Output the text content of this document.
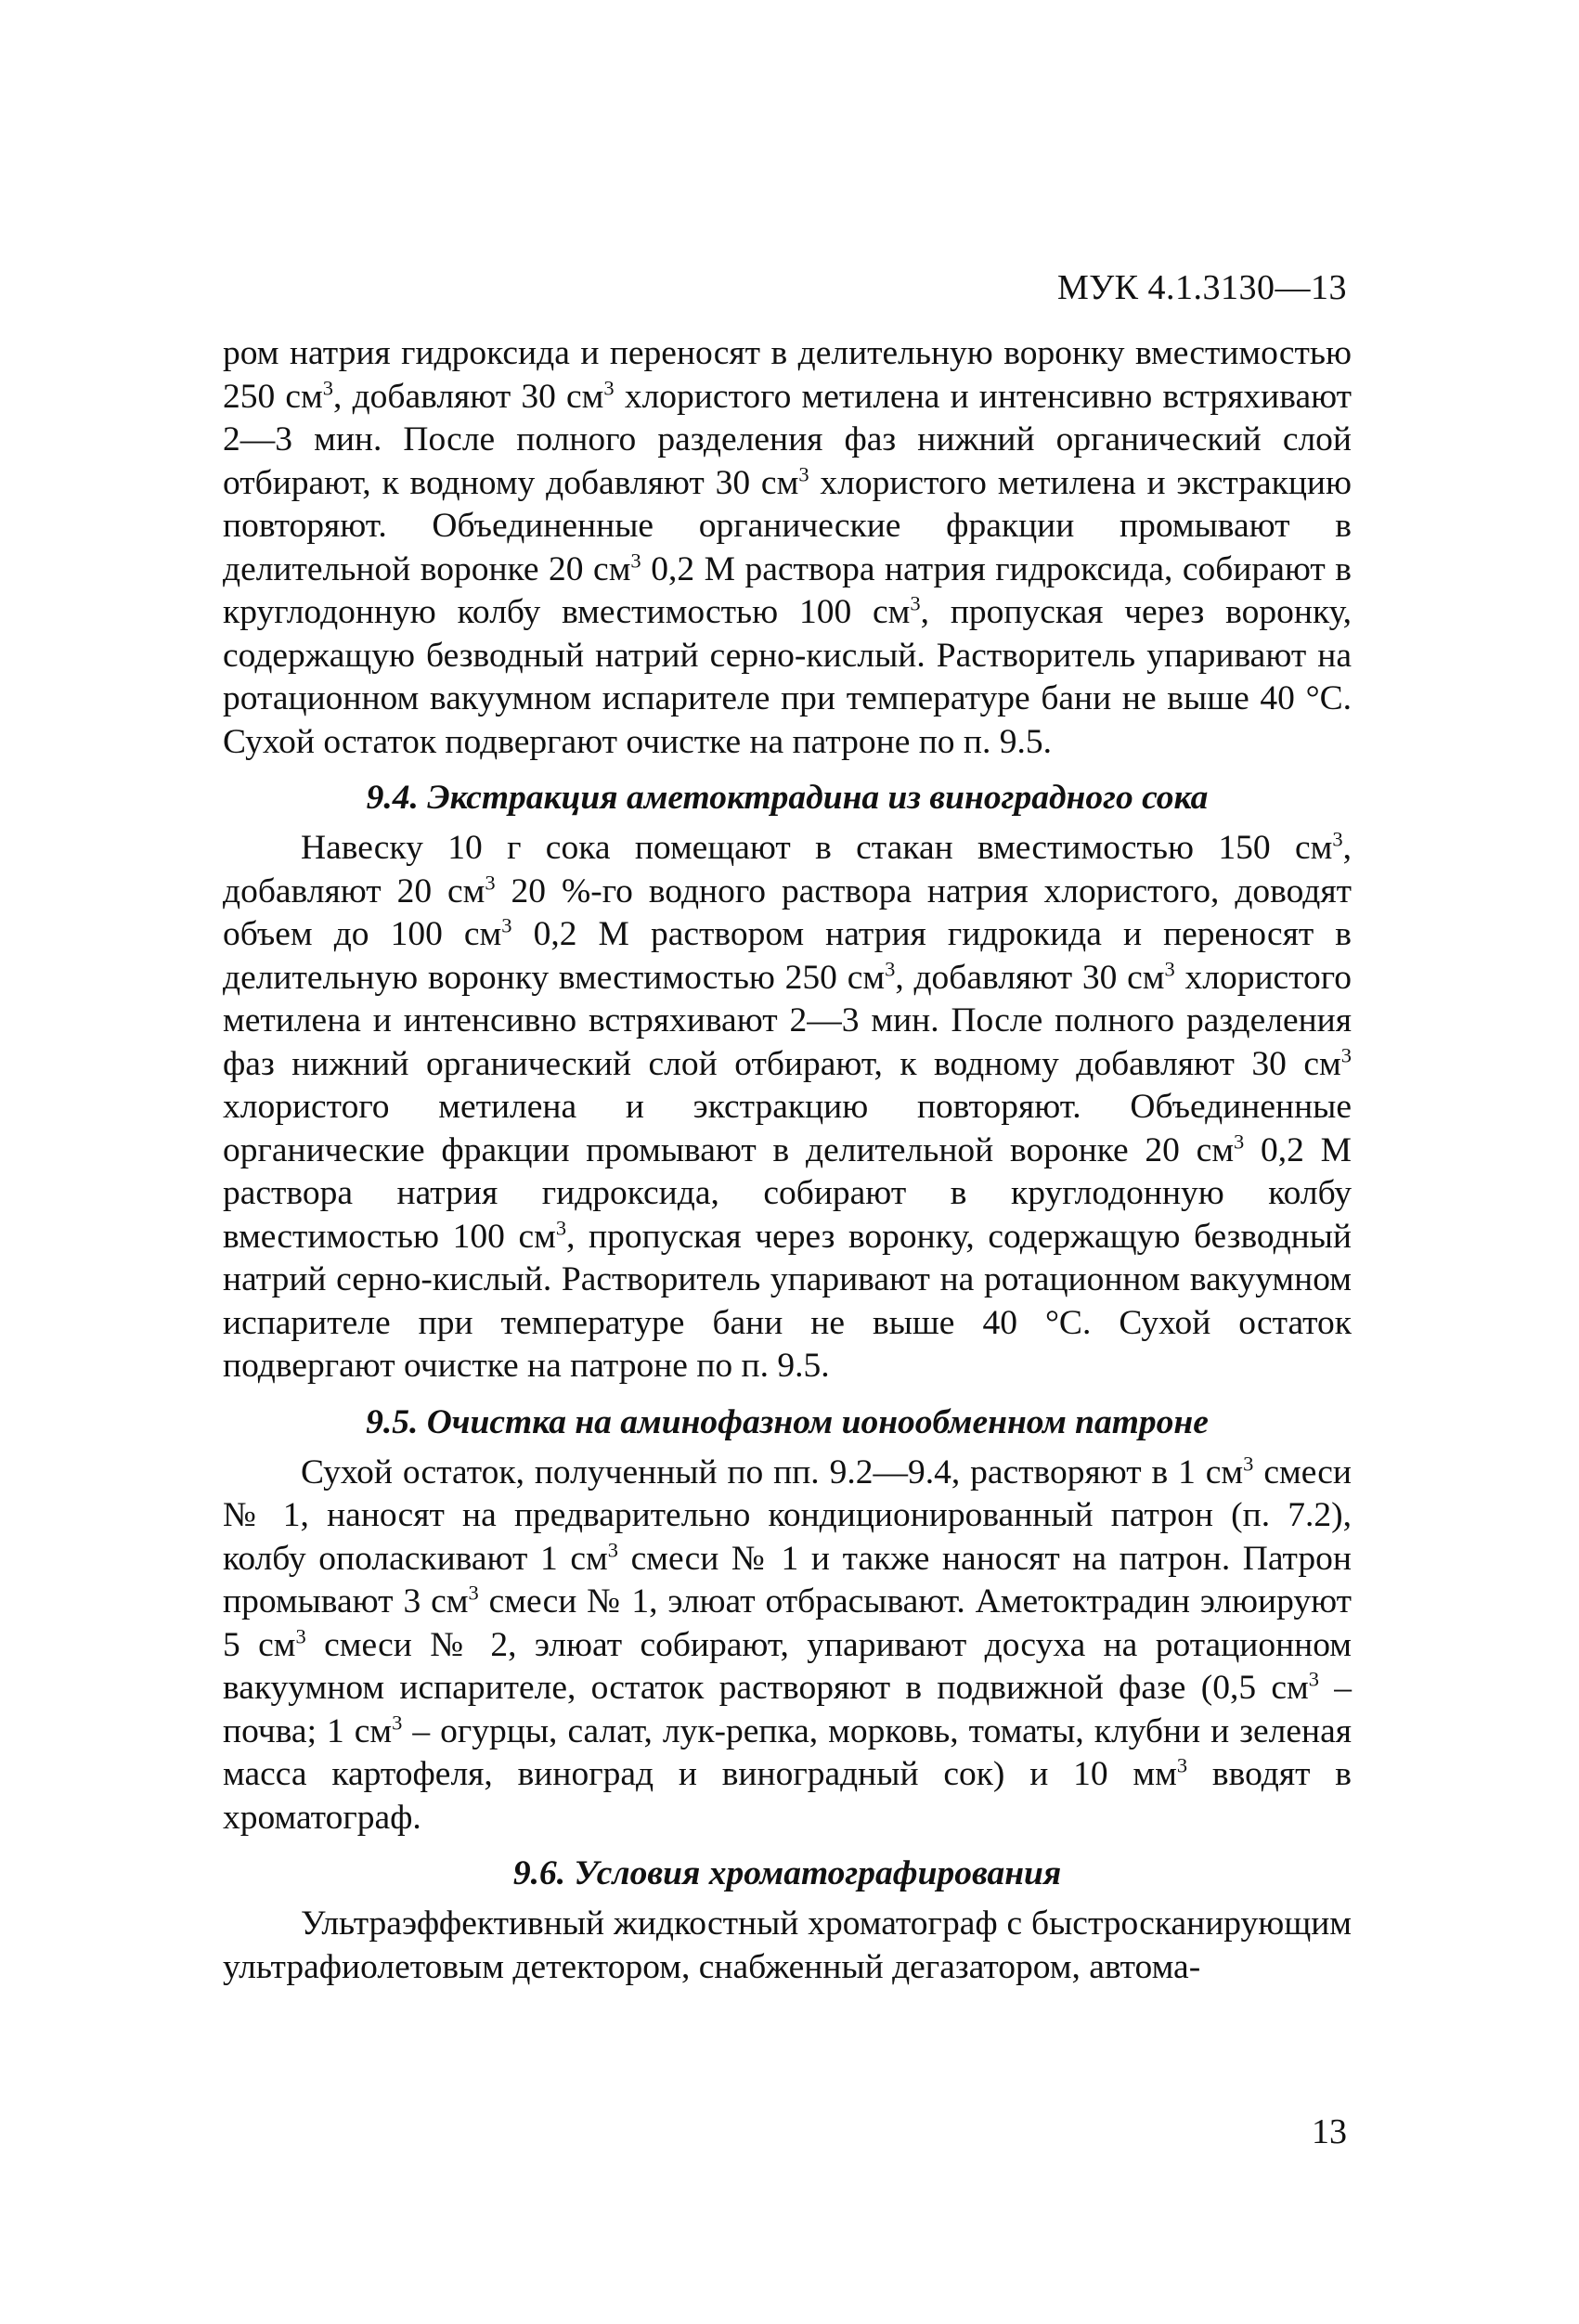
МУК 4.1.3130—13

ром натрия гидроксида и переносят в делительную воронку вместимостью 250 $см^3$, добавляют 30 $см^3$ хлористого метилена и интенсивно встряхивают 2—3 мин. После полного разделения фаз нижний органический слой отбирают, к водному добавляют 30 $см^3$ хлористого метилена и экстракцию повторяют. Объединенные органические фракции промывают в делительной воронке 20 $см^3$ 0,2 М раствора натрия гидроксида, собирают в круглодонную колбу вместимостью 100 $см^3$, пропуская через воронку, содержащую безводный натрий серно-кислый. Растворитель упаривают на ротационном вакуумном испарителе при температуре бани не выше 40 °С. Сухой остаток подвергают очистке на патроне по п. 9.5.

9.4. Экстракция аметоктрадина из виноградного сока

Навеску 10 г сока помещают в стакан вместимостью 150 $см^3$, добавляют 20 $см^3$ 20 %-го водного раствора натрия хлористого, доводят объем до 100 $см^3$ 0,2 М раствором натрия гидрокида и переносят в делительную воронку вместимостью 250 $см^3$, добавляют 30 $см^3$ хлористого метилена и интенсивно встряхивают 2—3 мин. После полного разделения фаз нижний органический слой отбирают, к водному добавляют 30 $см^3$ хлористого метилена и экстракцию повторяют. Объединенные органические фракции промывают в делительной воронке 20 $см^3$ 0,2 М раствора натрия гидроксида, собирают в круглодонную колбу вместимостью 100 $см^3$, пропуская через воронку, содержащую безводный натрий серно-кислый. Растворитель упаривают на ротационном вакуумном испарителе при температуре бани не выше 40 °С. Сухой остаток подвергают очистке на патроне по п. 9.5.

9.5. Очистка на аминофазном ионообменном патроне

Сухой остаток, полученный по пп. 9.2—9.4, растворяют в 1 $см^3$ смеси № 1, наносят на предварительно кондиционированный патрон (п. 7.2), колбу ополаскивают 1 $см^3$ смеси № 1 и также наносят на патрон. Патрон промывают 3 $см^3$ смеси № 1, элюат отбрасывают. Аметоктрадин элюируют 5 $см^3$ смеси № 2, элюат собирают, упаривают досуха на ротационном вакуумном испарителе, остаток растворяют в подвижной фазе (0,5 $см^3$ – почва; 1 $см^3$ – огурцы, салат, лук-репка, морковь, томаты, клубни и зеленая масса картофеля, виноград и виноградный сок) и 10 $мм^3$ вводят в хроматограф.

9.6. Условия хроматографирования

Ультраэффективный жидкостный хроматограф с быстросканирующим ультрафиолетовым детектором, снабженный дегазатором, автома-

13
